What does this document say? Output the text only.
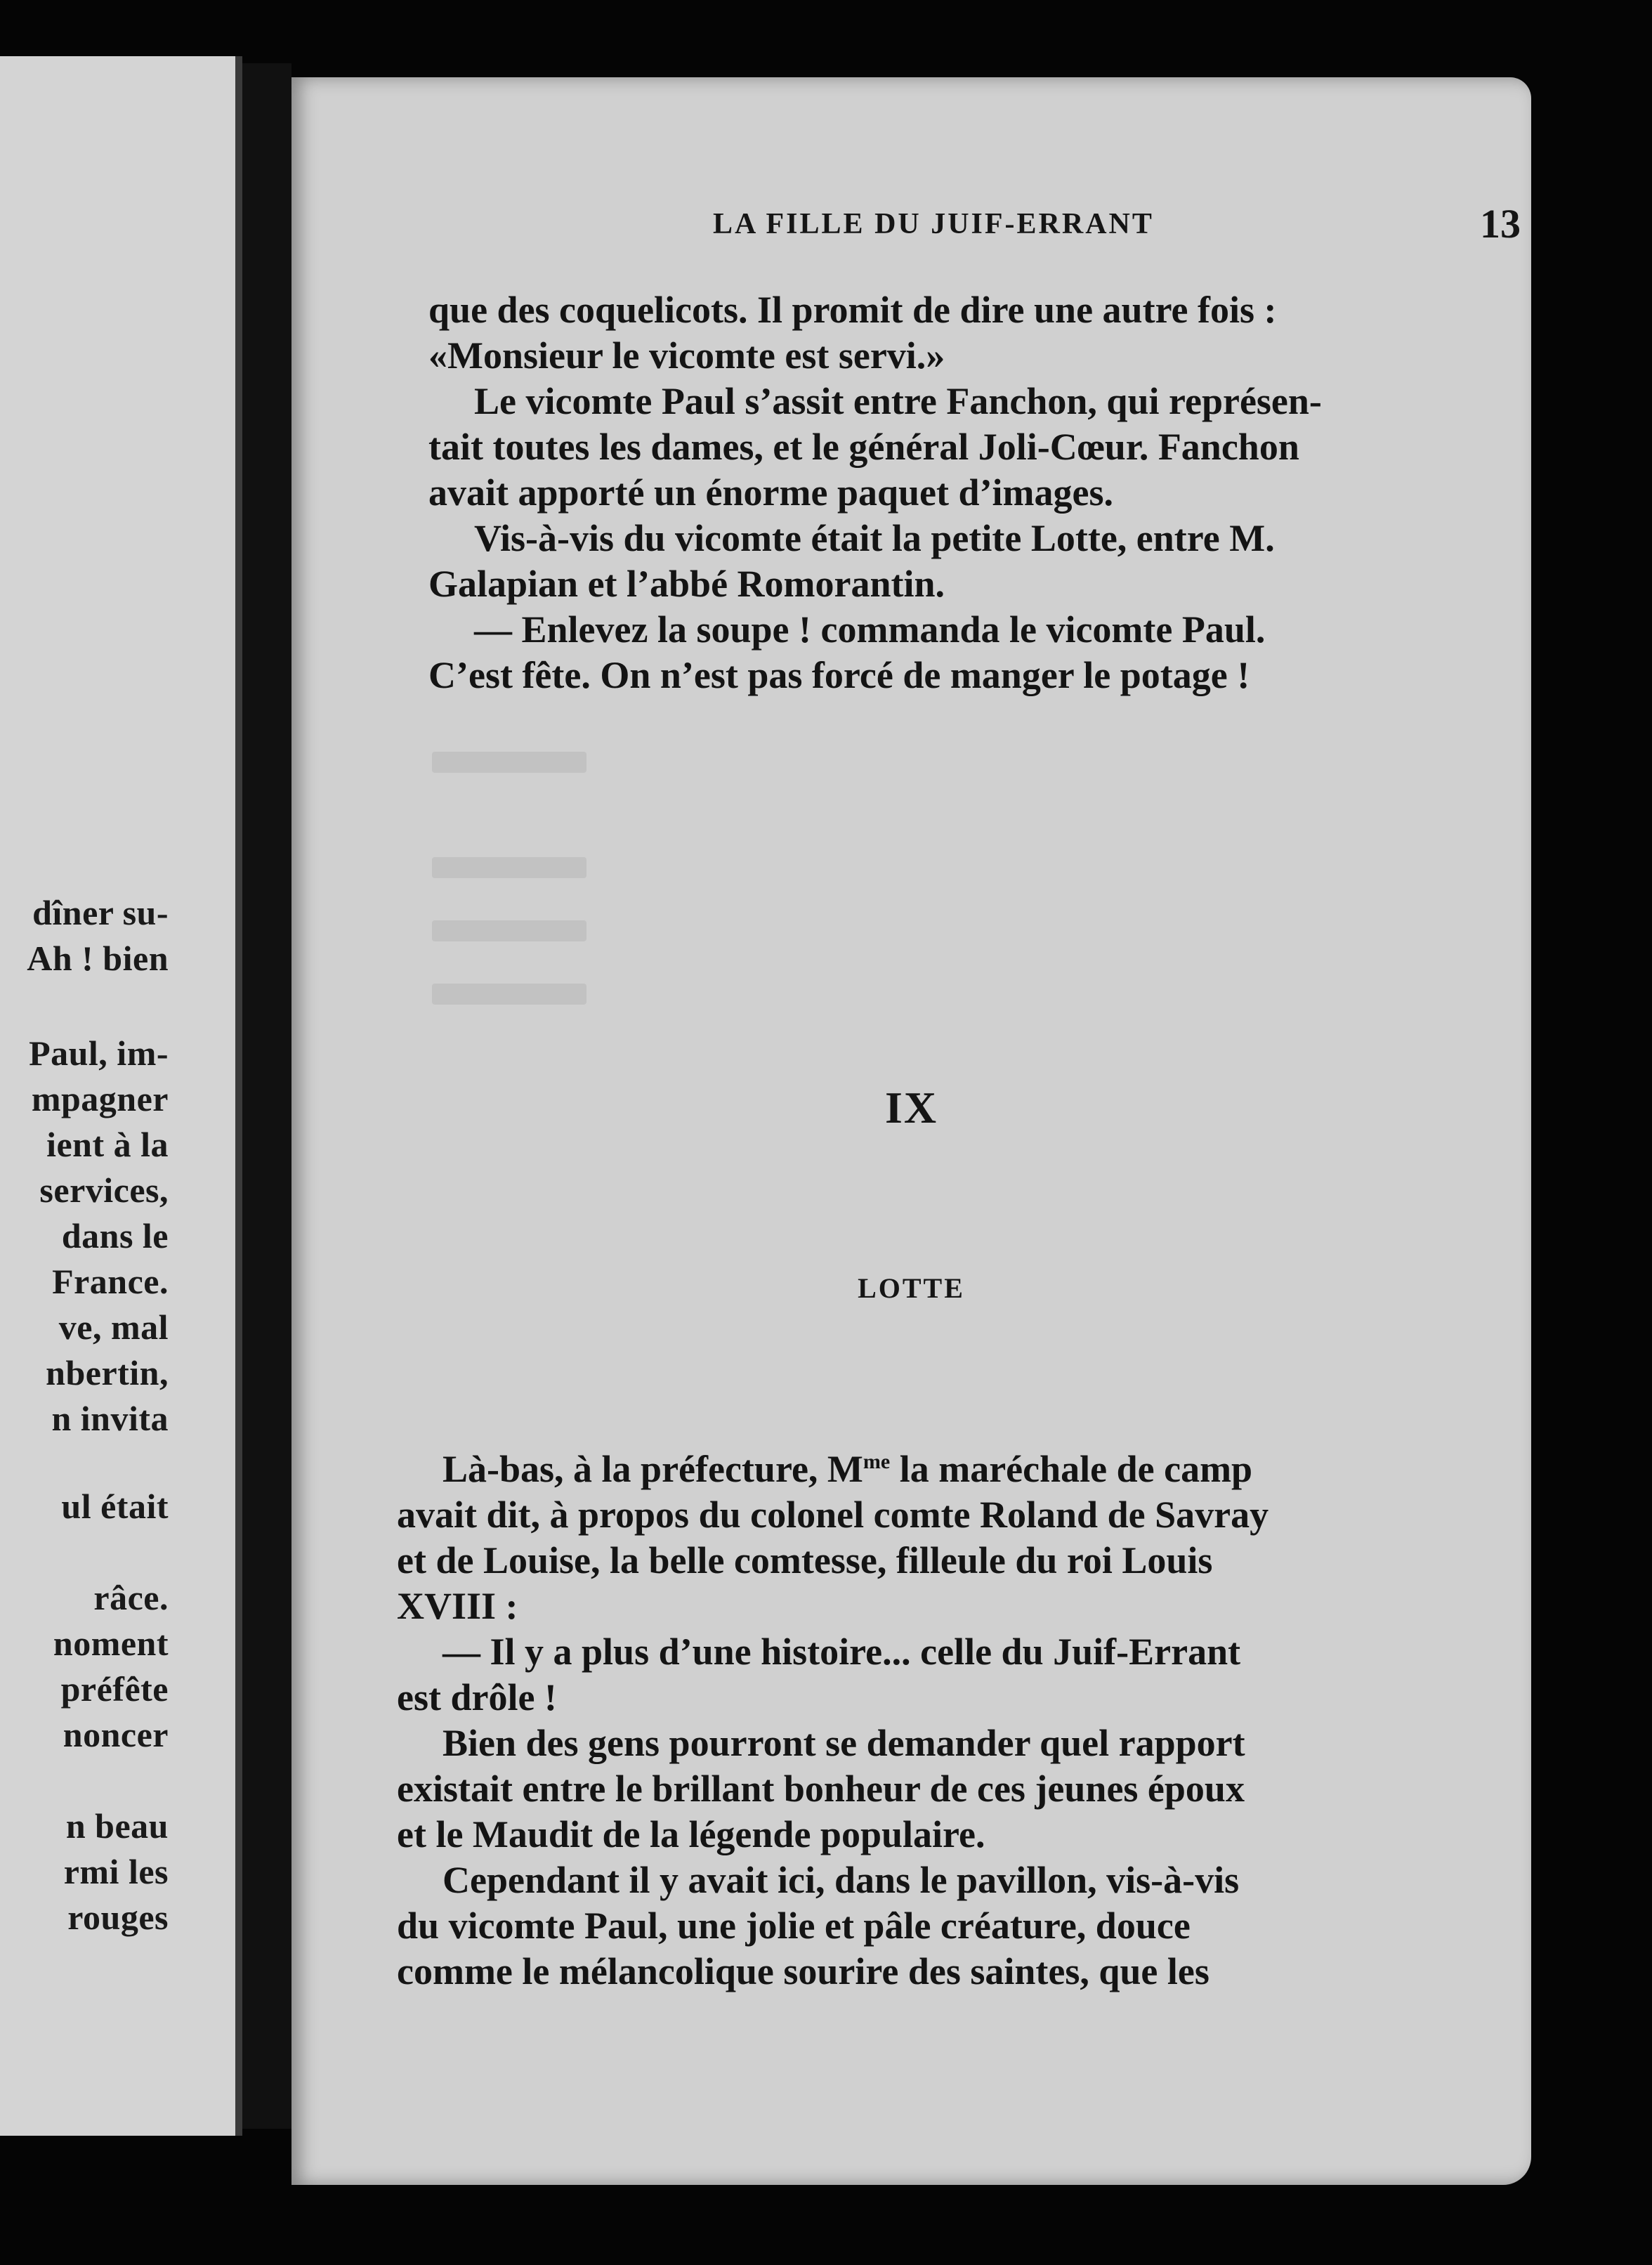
dîner su-
Ah ! bien
Paul, im-
mpagner
ient à la
services,
dans le
France.
ve, mal
nbertin,
n invita
ul était
râce.
noment
préfête
noncer
n beau
rmi les
rouges
LA FILLE DU JUIF-ERRANT	13
que des coquelicots. Il promit de dire une autre fois :
«Monsieur le vicomte est servi.»
Le vicomte Paul s’assit entre Fanchon, qui représen-
tait toutes les dames, et le général Joli-Cœur. Fanchon
avait apporté un énorme paquet d’images.
Vis-à-vis du vicomte était la petite Lotte, entre M.
Galapian et l’abbé Romorantin.
— Enlevez la soupe ! commanda le vicomte Paul.
C’est fête. On n’est pas forcé de manger le potage !
IX
LOTTE
Là-bas, à la préfecture, $M^{me}$ la maréchale de camp
avait dit, à propos du colonel comte Roland de Savray
et de Louise, la belle comtesse, filleule du roi Louis
XVIII :
— Il y a plus d’une histoire... celle du Juif-Errant
est drôle !
Bien des gens pourront se demander quel rapport
existait entre le brillant bonheur de ces jeunes époux
et le Maudit de la légende populaire.
Cependant il y avait ici, dans le pavillon, vis-à-vis
du vicomte Paul, une jolie et pâle créature, douce
comme le mélancolique sourire des saintes, que les
